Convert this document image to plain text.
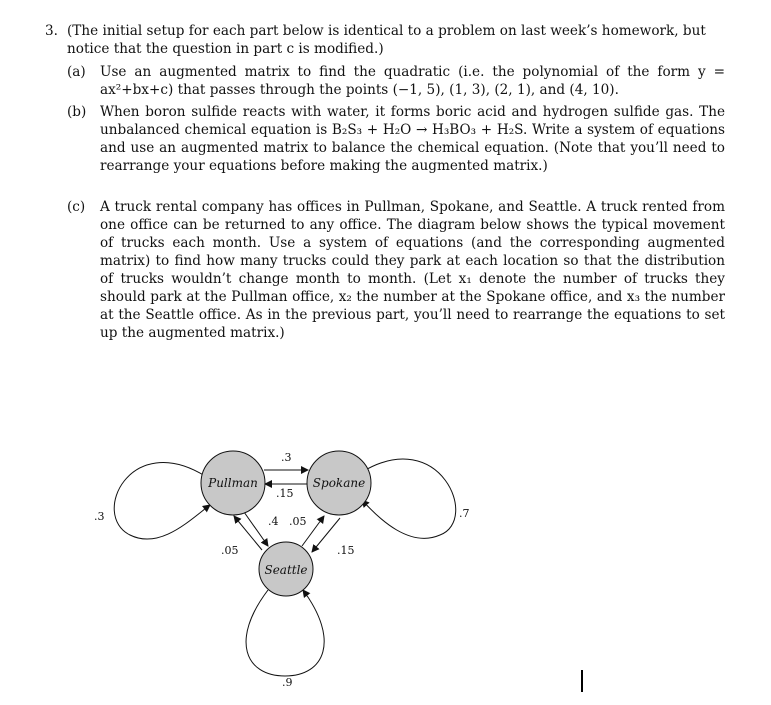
3. (The initial setup for each part below is identical to a problem on last week’s homework, but notice that the question in part c is modified.)
(a)	Use an augmented matrix to find the quadratic (i.e. the polynomial of the form y = ax²+bx+c) that passes through the points (−1, 5), (1, 3), (2, 1), and (4, 10).
(b)	When boron sulfide reacts with water, it forms boric acid and hydrogen sulfide gas. The unbalanced chemical equation is B₂S₃ + H₂O → H₃BO₃ + H₂S. Write a system of equations and use an augmented matrix to balance the chemical equation. (Note that you’ll need to rearrange your equations before making the augmented matrix.)
(c)	A truck rental company has offices in Pullman, Spokane, and Seattle. A truck rented from one office can be returned to any office. The diagram below shows the typical movement of trucks each month. Use a system of equations (and the corresponding augmented matrix) to find how many trucks could they park at each location so that the distribution of trucks wouldn’t change month to month. (Let x₁ denote the number of trucks they should park at the Pullman office, x₂ the number at the Spokane office, and x₃ the number at the Seattle office. As in the previous part, you’ll need to rearrange the equations to set up the augmented matrix.)
Pullman	Spokane
Seattle
.3	.7
.9
.3
.15
.4 .05
.05	.15
